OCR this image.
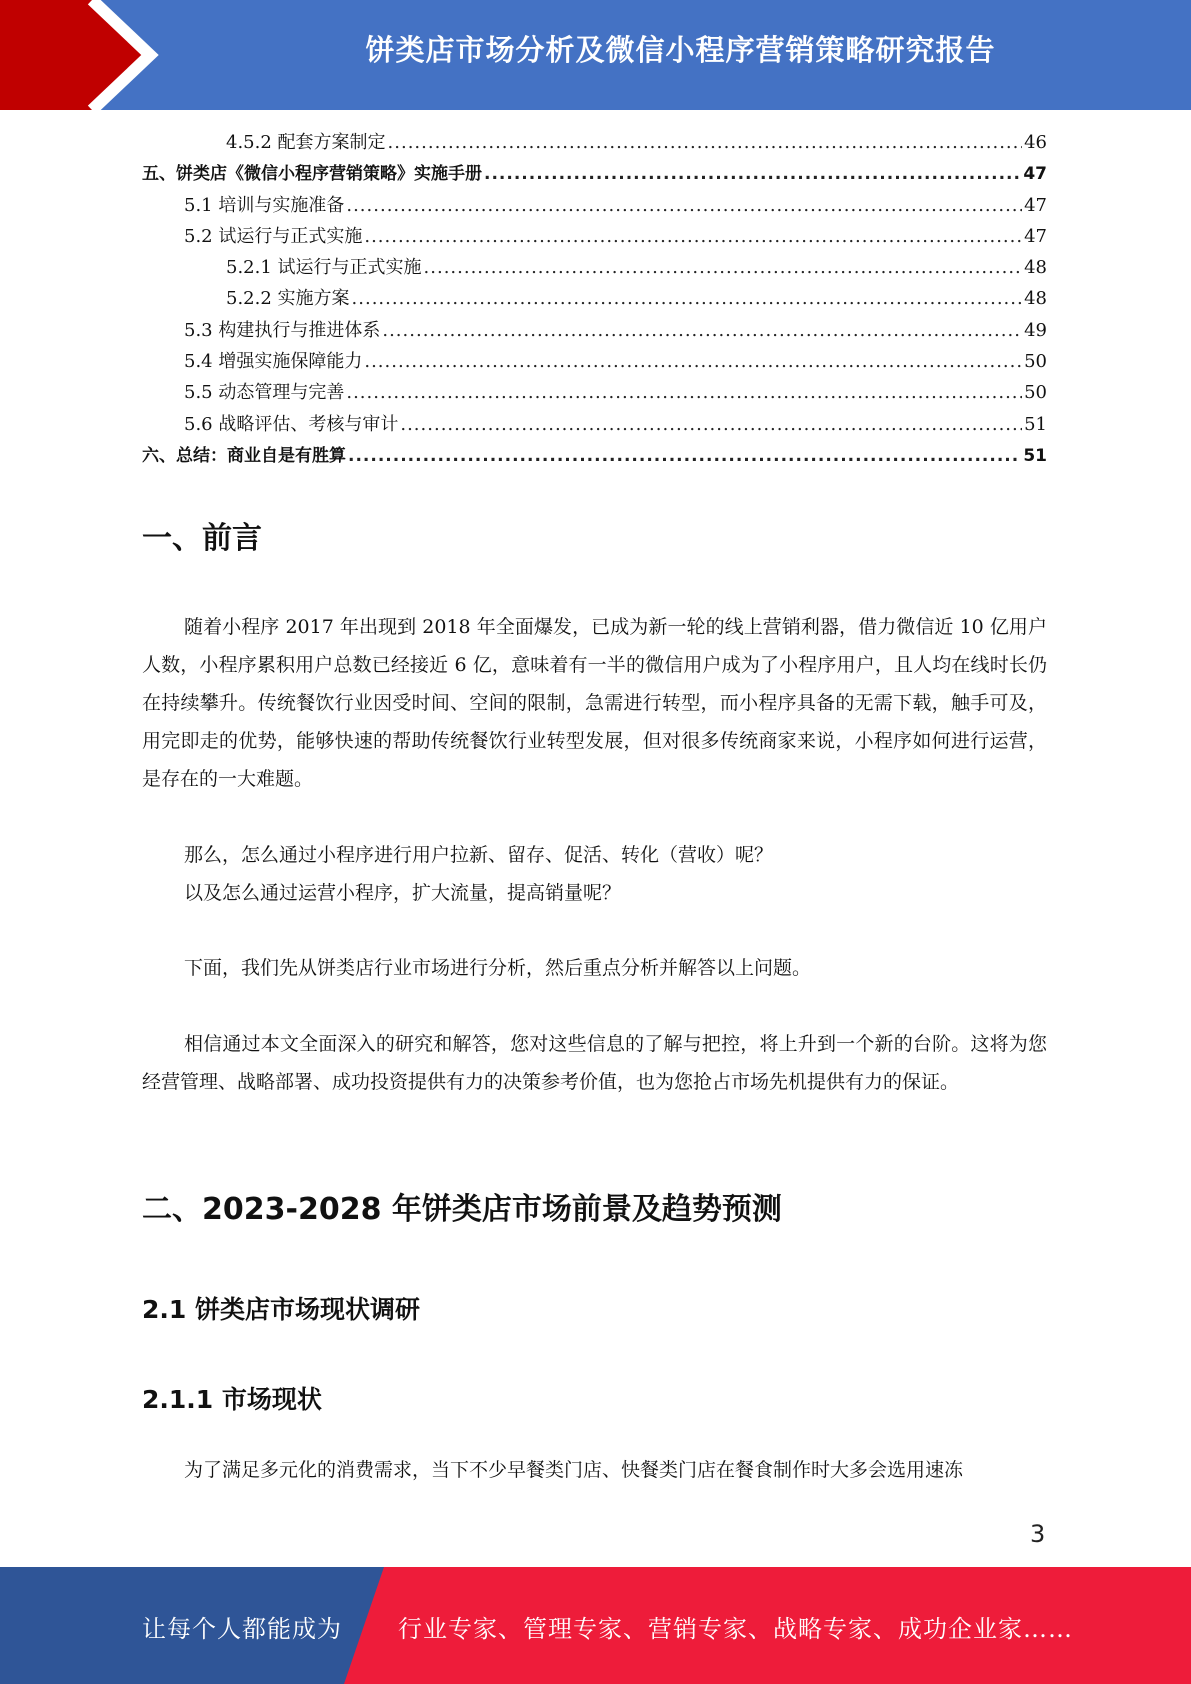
饼类店市场分析及微信小程序营销策略研究报告
4.5.2 配套方案制定 .....	46
五、饼类店《微信小程序营销策略》实施手册 .....	47
5.1 培训与实施准备 .....	47
5.2 试运行与正式实施 .....	47
5.2.1 试运行与正式实施 .....	48
5.2.2 实施方案 .....	48
5.3 构建执行与推进体系 .....	49
5.4 增强实施保障能力 .....	50
5.5 动态管理与完善 .....	50
5.6 战略评估、考核与审计 .....	51
六、总结：商业自是有胜算 .....	51
一、前言
随着小程序 2017 年出现到 2018 年全面爆发，已成为新一轮的线上营销利器，借力微信近 10 亿用户人数，小程序累积用户总数已经接近 6 亿，意味着有一半的微信用户成为了小程序用户，且人均在线时长仍在持续攀升。传统餐饮行业因受时间、空间的限制，急需进行转型，而小程序具备的无需下载，触手可及，用完即走的优势，能够快速的帮助传统餐饮行业转型发展，但对很多传统商家来说，小程序如何进行运营，是存在的一大难题。
那么，怎么通过小程序进行用户拉新、留存、促活、转化（营收）呢？
以及怎么通过运营小程序，扩大流量，提高销量呢？
下面，我们先从饼类店行业市场进行分析，然后重点分析并解答以上问题。
相信通过本文全面深入的研究和解答，您对这些信息的了解与把控，将上升到一个新的台阶。这将为您经营管理、战略部署、成功投资提供有力的决策参考价值，也为您抢占市场先机提供有力的保证。
二、2023-2028 年饼类店市场前景及趋势预测
2.1 饼类店市场现状调研
2.1.1 市场现状
为了满足多元化的消费需求，当下不少早餐类门店、快餐类门店在餐食制作时大多会选用速冻
3
让每个人都能成为 行业专家、管理专家、营销专家、战略专家、成功企业家……
